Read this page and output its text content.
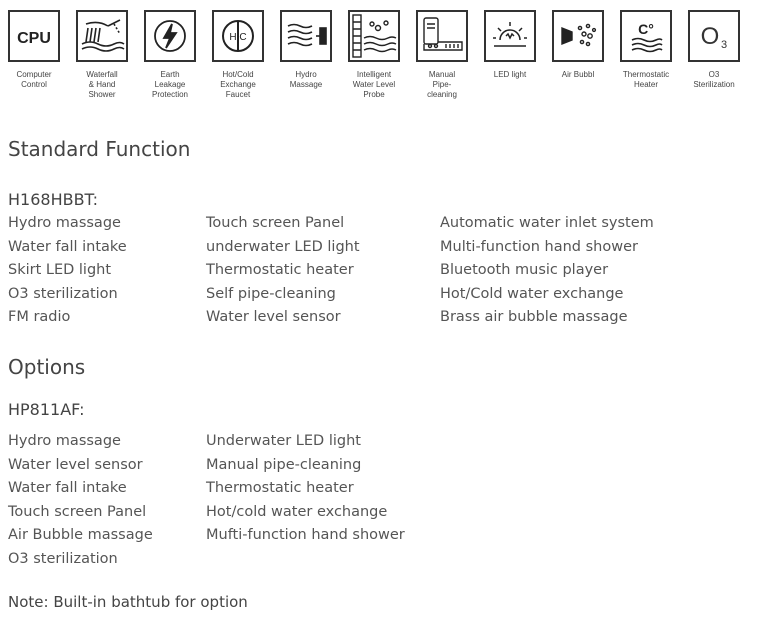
CPU
Computer
Control
Waterfall
& Hand
Shower
Earth
Leakage
Protection
H C
Hot/Cold
Exchange
Faucet
Hydro
Massage
Intelligent
Water Level
Probe
Manual
Pipe-
cleaning
LED light	Air Bubbl
C°
Thermostatic
Heater
O 3
O3
Sterilization
Standard Function
H168HBBT:
Hydro massage
Water fall intake
Skirt LED light
O3 sterilization
FM radio
Touch screen Panel
underwater LED light
Thermostatic heater
Self pipe-cleaning
Water level sensor
Automatic water inlet system
Multi-function hand shower
Bluetooth music player
Hot/Cold water exchange
Brass air bubble massage
Options
HP811AF:
Hydro massage
Water level sensor
Water fall intake
Touch screen Panel
Air Bubble massage
O3 sterilization
Underwater LED light
Manual pipe-cleaning
Thermostatic heater
Hot/cold water exchange
Mufti-function hand shower
Note: Built-in bathtub for option
